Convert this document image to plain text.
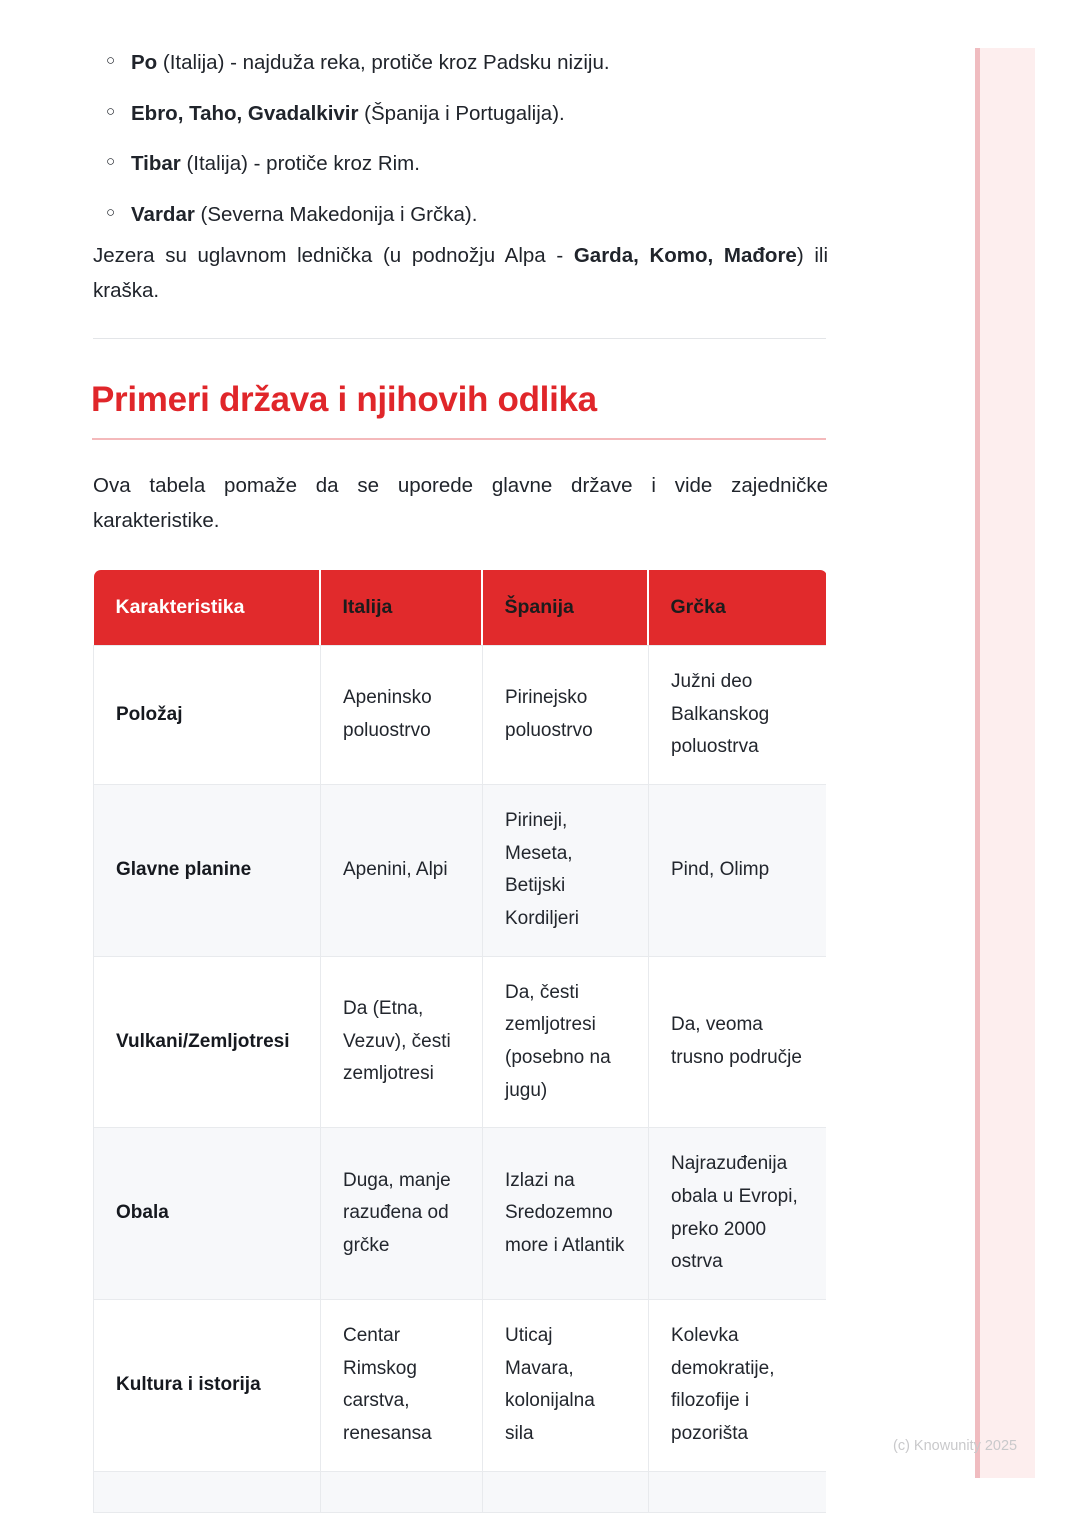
○ Po (Italija) - najduža reka, protiče kroz Padsku niziju.
○ Ebro, Taho, Gvadalkivir (Španija i Portugalija).
○ Tibar (Italija) - protiče kroz Rim.
○ Vardar (Severna Makedonija i Grčka).

Jezera su uglavnom lednička (u podnožju Alpa - Garda, Komo, Mađore) ili kraška.

Primeri država i njihovih odlika

Ova tabela pomaže da se uporede glavne države i vide zajedničke karakteristike.

Karakteristika	Italija	Španija	Grčka
Položaj	Apeninsko poluostrvo	Pirinejsko poluostrvo	Južni deo Balkanskog poluostrva
Glavne planine	Apenini, Alpi	Pirineji, Meseta, Betijski Kordiljeri	Pind, Olimp
Vulkani/Zemljotresi	Da (Etna, Vezuv), česti zemljotresi	Da, česti zemljotresi (posebno na jugu)	Da, veoma trusno područje
Obala	Duga, manje razuđena od grčke	Izlazi na Sredozemno more i Atlantik	Najrazuđenija obala u Evropi, preko 2000 ostrva
Kultura i istorija	Centar Rimskog carstva, renesansa	Uticaj Mavara, kolonijalna sila	Kolevka demokratije, filozofije i pozorišta

(c) Knowunity 2025
